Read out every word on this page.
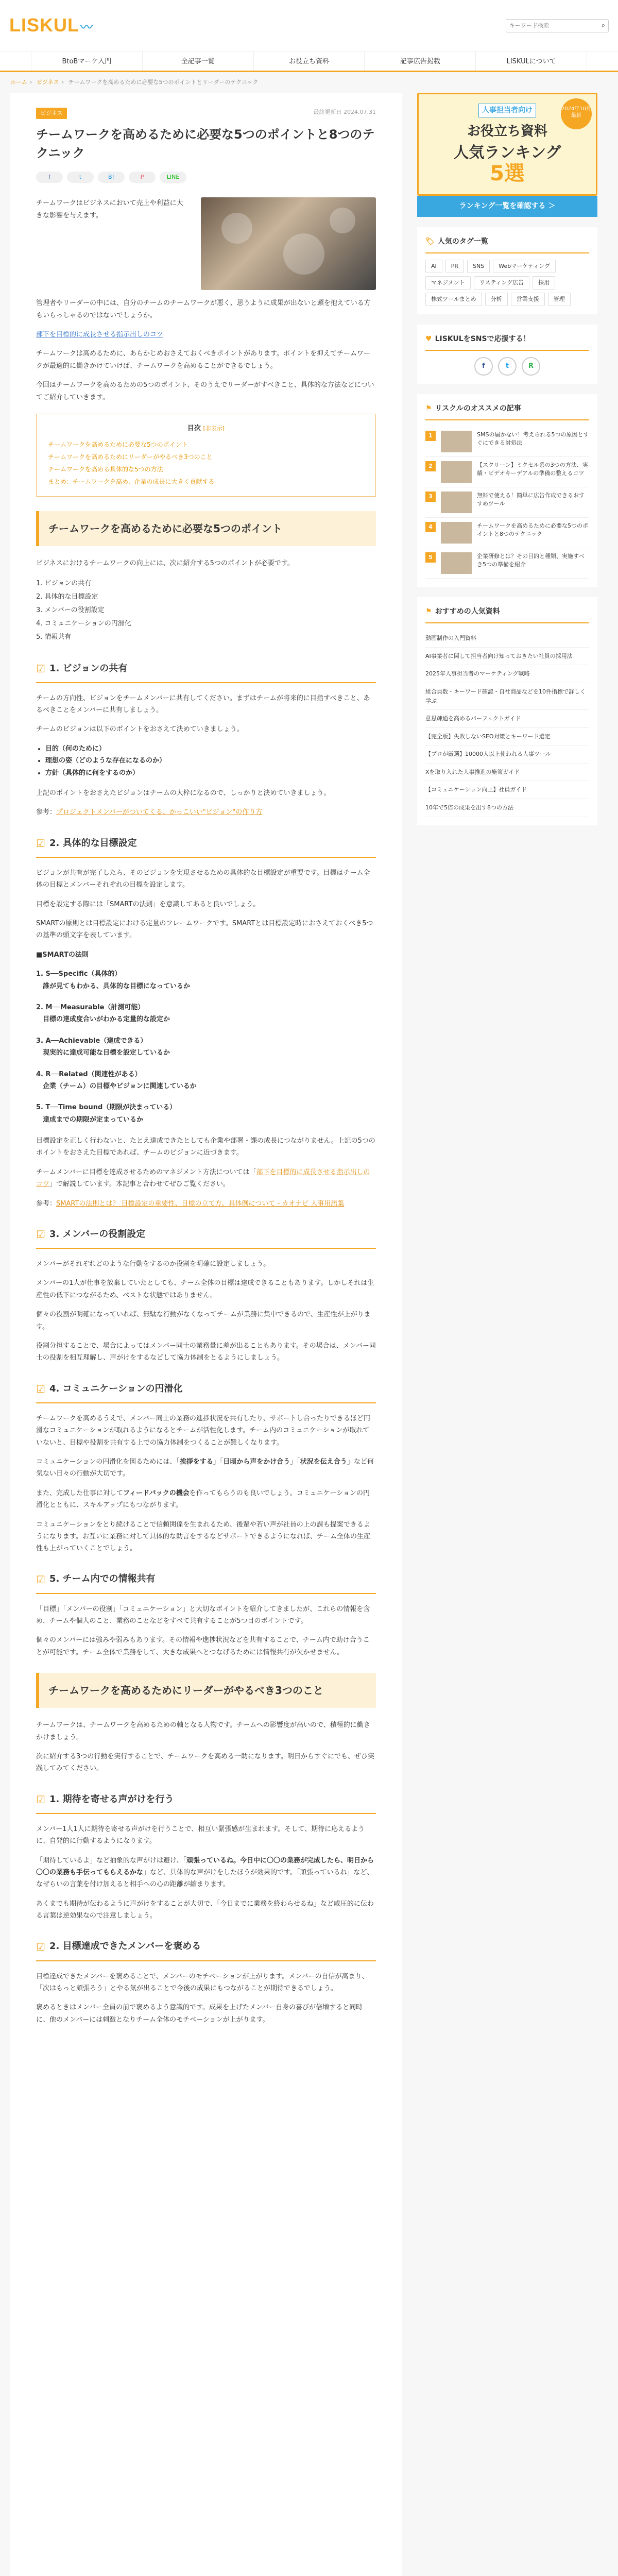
LISKUL〰
キーワード検索	⌕
BtoBマーケ入門	全記事一覧	お役立ち資料	記事広告掲載	LISKULについて
ホーム › ビジネス › チームワークを高めるために必要な5つのポイントとリーダーのテクニック
ビジネス	最終更新日 2024.07.31
チームワークを高めるために必要な5つのポイントと8つのテクニック
f	t	B!	P	LINE

チームワークはビジネスにおいて売上や利益に大きな影響を与えます。

管理者やリーダーの中には、自分のチームのチームワークが悪く、思うように成果が出ないと頭を抱えている方もいらっしゃるのではないでしょうか。

部下を目標的に成長させる指示出しのコツ

チームワークは高めるために、あらかじめおさえておくべきポイントがあります。ポイントを抑えてチームワークが最適的に働きかけていけば、チームワークを高めることができるでしょう。

今回はチームワークを高めるための5つのポイント、そのうえでリーダーがすべきこと、具体的な方法などについてご紹介していきます。

目次 [非表示]
チームワークを高めるために必要な5つのポイント
チームワークを高めるためにリーダーがやるべき3つのこと
チームワークを高める具体的な5つの方法
まとめ：チームワークを高め、企業の成長に大きく貢献する
チームワークを高めるために必要な5つのポイント

ビジネスにおけるチームワークの向上には、次に紹介する5つのポイントが必要です。

1. ビジョンの共有
2. 具体的な目標設定
3. メンバーの役割設定
4. コミュニケーションの円滑化
5. 情報共有
☑ 1. ビジョンの共有

チームの方向性、ビジョンをチームメンバーに共有してください。まずはチームが将来的に目指すべきこと、あるべきことをメンバーに共有しましょう。

チームのビジョンは以下のポイントをおさえて決めていきましょう。

• 目的（何のために）
• 理想の姿（どのような存在になるのか）
• 方針（具体的に何をするのか）

上記のポイントをおさえたビジョンはチームの大枠になるので、しっかりと決めていきましょう。

参考：プロジェクトメンバーがついてくる、かっこいい"ビジョン"の作り方

☑ 2. 具体的な目標設定

ビジョンが共有が完了したら、そのビジョンを実現させるための具体的な目標設定が重要です。目標はチーム全体の目標とメンバーそれぞれの目標を設定します。

目標を設定する際には「SMARTの法則」を意識してあると良いでしょう。

SMARTの原則とは目標設定における定量のフレームワークです。SMARTとは目標設定時におさえておくべき5つの基準の頭文字を表しています。

■SMARTの法則

1. S──Specific（具体的）
　誰が見てもわかる、具体的な目標になっているか
2. M──Measurable（計測可能）
　目標の達成度合いがわかる定量的な設定か
3. A──Achievable（達成できる）
　現実的に達成可能な目標を設定しているか
4. R──Related（関連性がある）
　企業（チーム）の目標やビジョンに関連しているか
5. T──Time bound（期限が決まっている）
　達成までの期限が定まっているか

目標設定を正しく行わないと、たとえ達成できたとしても企業や部署・課の成長につながりません。上記の5つのポイントをおさえた目標であれば、チームのビジョンに近づきます。

チームメンバーに目標を達成させるためのマネジメント方法については「部下を目標的に成長させる指示出しのコツ」で解説しています。本記事と合わせてぜひご覧ください。

参考：SMARTの法則とは？ 目標設定の重要性、目標の立て方、具体例について - カオナビ 人事用語集

☑ 3. メンバーの役割設定

メンバーがそれぞれどのような行動をするのか役割を明確に設定しましょう。

メンバーの1人が仕事を放棄していたとしても、チーム全体の目標は達成できることもあります。しかしそれは生産性の低下につながるため、ベストな状態ではありません。

個々の役割が明確になっていれば、無駄な行動がなくなってチームが業務に集中できるので、生産性が上がります。

役割分担することで、場合によってはメンバー同士の業務量に差が出ることもあります。その場合は、メンバー同士の役割を相互理解し、声がけをするなどして協力体制をとるようにしましょう。

☑ 4. コミュニケーションの円滑化

チームワークを高めるうえで、メンバー同士の業務の進捗状況を共有したり、サポートし合ったりできるほど円滑なコミュニケーションが取れるようになるとチームが活性化します。チーム内のコミュニケーションが取れていないと、目標や役割を共有する上での協力体制をつくることが難しくなります。

コミュニケーションの円滑化を図るためには、「挨拶をする」「日頃から声をかけ合う」「状況を伝え合う」など何気ない日々の行動が大切です。

また、完成した仕事に対してフィードバックの機会を作ってもらうのも良いでしょう。コミュニケーションの円滑化とともに、スキルアップにもつながります。

コミュニケーションをとり続けることで信頼関係を生まれるため、後輩や若い声が社員の上の課も提案できるようになります。お互いに業務に対して具体的な助言をするなどサポートできるようになれば、チーム全体の生産性も上がっていくことでしょう。

☑ 5. チーム内での情報共有

「目標」「メンバーの役割」「コミュニケーション」と大切なポイントを紹介してきましたが、これらの情報を含め、チームや個人のこと、業務のことなどをすべて共有することが5つ目のポイントです。

個々のメンバーには強みや弱みもあります。その情報や進捗状況などを共有することで、チーム内で助け合うことが可能です。チーム全体で業務をして、大きな成果へとつなげるためには情報共有が欠かせません。

チームワークを高めるためにリーダーがやるべき3つのこと

チームワークは、チームワークを高めるための軸となる人物です。チームへの影響度が高いので、積極的に働きかけましょう。

次に紹介する3つの行動を実行することで、チームワークを高める一助になります。明日からすぐにでも、ぜひ実践してみてください。

☑ 1. 期待を寄せる声がけを行う

メンバー1人1人に期待を寄せる声がけを行うことで、相互い緊張感が生まれます。そして、期待に応えるように、自発的に行動するようになります。

「期待しているよ」など抽象的な声がけは避け、「頑張っているね。今日中に〇〇の業務が完成したら、明日から〇〇の業務も手伝ってもらえるかな」など、具体的な声がけをしたほうが効果的です。「頑張っているね」など、なぜらいの言葉を付け加えると相手への心の距離が縮まります。

あくまでも期待が伝わるように声がけをすることが大切で、「今日までに業務を終わらせるね」など威圧的に伝わる言葉は逆効果なので注意しましょう。

☑ 2. 目標達成できたメンバーを褒める

目標達成できたメンバーを褒めることで、メンバーのモチベーションが上がります。メンバーの自信が高まり、「次はもっと頑張ろう」とやる気が出ることで今後の成果にもつながることが期待できるでしょう。

褒めるときはメンバー全員の前で褒めるよう意識的です。成果を上げたメンバー自身の喜びが倍増すると同時に、他のメンバーには刺激となりチーム全体のモチベーションが上がります。

2024年10月最新
人事担当者向け
お役立ち資料
人気ランキング
5選
ランキング一覧を確認する ＞
🏷 人気のタグ一覧
AI	PR	SNS	Webマーケティング
マネジメント	リスティング広告	採用
株式ツールまとめ	分析	営業支援	管理
♥ LISKULをSNSで応援する！
f	t	R
⚑ リスクルのオススメの記事
1	SMSの届かない！考えられる5つの原因とすぐにできる対処法
2	【スクリーン】ミクセル系の3つの方法、実績・ビデオキーデアルの準備の整えるコツ
3	無料で使える！簡単に広告作成できるおすすめツール
4	チームワークを高めるために必要な5つのポイントと8つのテクニック
5	企業研修とは？その目的と種類、実施すべき5つの準備を紹介
⚑ おすすめの人気資料
動画制作の入門資料
AI事業者に関して担当者向け知っておきたい社員の採用法
2025年人事担当者のマーケティング戦略
組合員数・キーワード確認・自社商品などを10件指標で詳しく学ぶ
意思疎通を高めるパーフェクトガイド
【完全版】失敗しないSEO対策とキーワード選定
【プロが厳選】10000人以上使われる人事ツール
Xを取り入れた人事推進の施策ガイド
【コミュニケーション向上】社員ガイド
10年で5倍の成果を出す8つの方法
